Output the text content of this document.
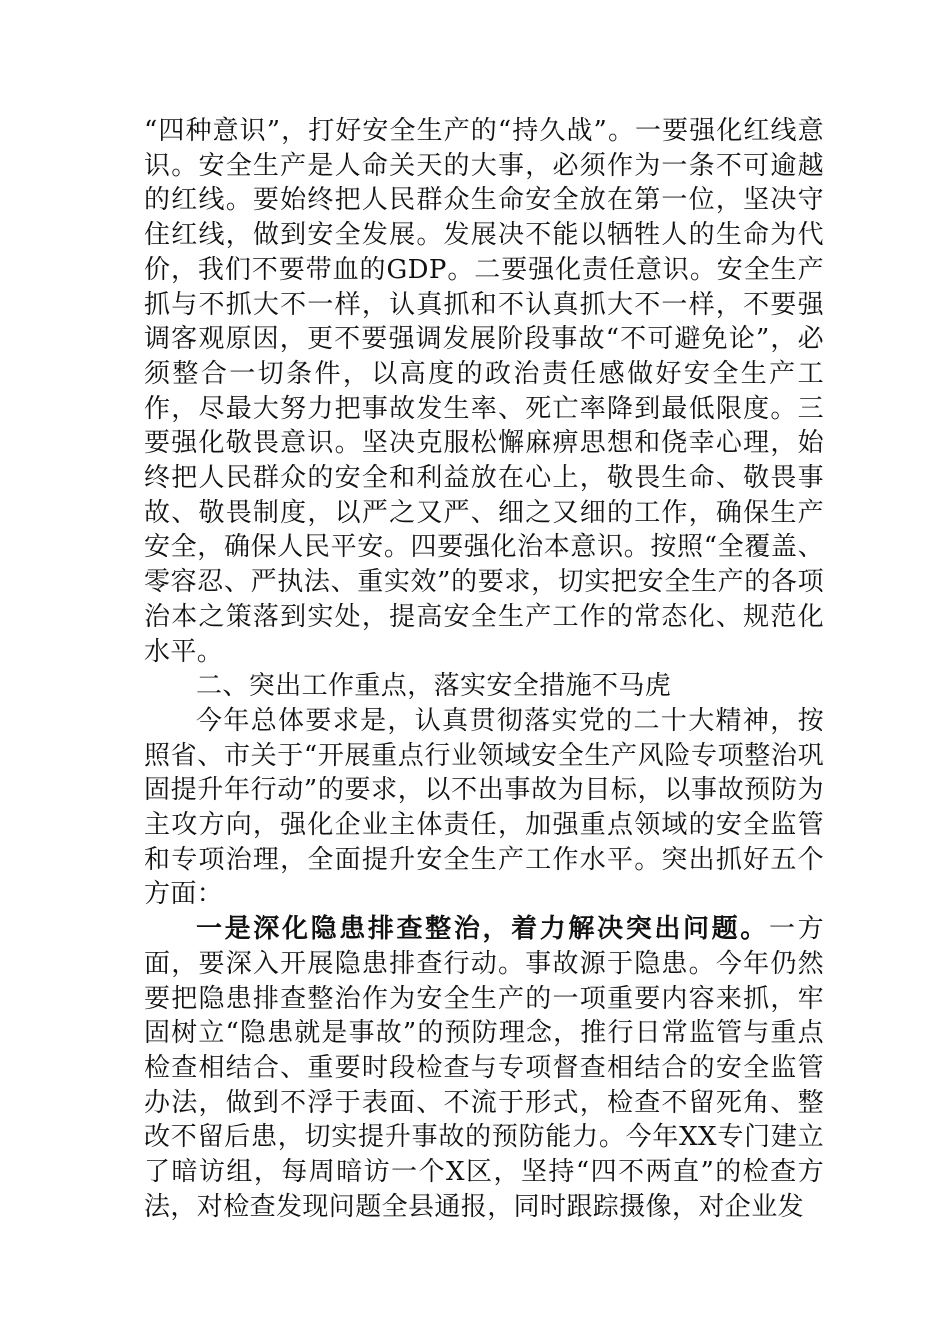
“四种意识”，打好安全生产的“持久战”。一要强化红线意识。安全生产是人命关天的大事，必须作为一条不可逾越的红线。要始终把人民群众生命安全放在第一位，坚决守住红线，做到安全发展。发展决不能以牺牲人的生命为代价，我们不要带血的GDP。二要强化责任意识。安全生产抓与不抓大不一样，认真抓和不认真抓大不一样，不要强调客观原因，更不要强调发展阶段事故“不可避免论”，必须整合一切条件，以高度的政治责任感做好安全生产工作，尽最大努力把事故发生率、死亡率降到最低限度。三要强化敬畏意识。坚决克服松懈麻痹思想和侥幸心理，始终把人民群众的安全和利益放在心上，敬畏生命、敬畏事故、敬畏制度，以严之又严、细之又细的工作，确保生产安全，确保人民平安。四要强化治本意识。按照“全覆盖、零容忍、严执法、重实效”的要求，切实把安全生产的各项治本之策落到实处，提高安全生产工作的常态化、规范化水平。

二、突出工作重点，落实安全措施不马虎

今年总体要求是，认真贯彻落实党的二十大精神，按照省、市关于“开展重点行业领域安全生产风险专项整治巩固提升年行动”的要求，以不出事故为目标，以事故预防为主攻方向，强化企业主体责任，加强重点领域的安全监管和专项治理，全面提升安全生产工作水平。突出抓好五个方面：

一是深化隐患排查整治，着力解决突出问题。一方面，要深入开展隐患排查行动。事故源于隐患。今年仍然要把隐患排查整治作为安全生产的一项重要内容来抓，牢固树立“隐患就是事故”的预防理念，推行日常监管与重点检查相结合、重要时段检查与专项督查相结合的安全监管办法，做到不浮于表面、不流于形式，检查不留死角、整改不留后患，切实提升事故的预防能力。今年XX专门建立了暗访组，每周暗访一个X区，坚持“四不两直”的检查方法，对检查发现问题全县通报，同时跟踪摄像，对企业发
